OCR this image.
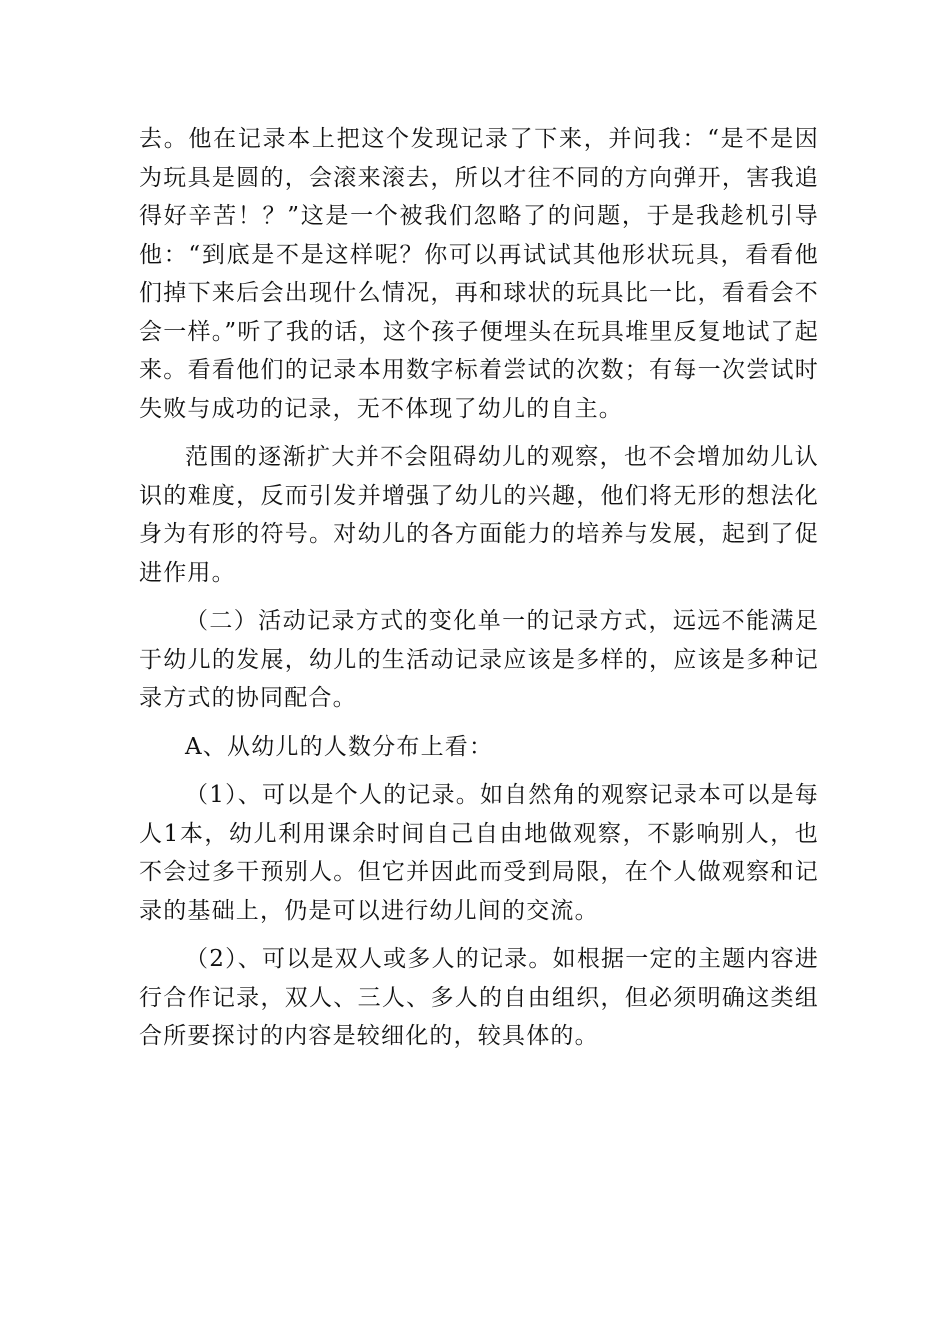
去。他在记录本上把这个发现记录了下来，并问我：“是不是因为玩具是圆的，会滚来滚去，所以才往不同的方向弹开，害我追得好辛苦！？”这是一个被我们忽略了的问题，于是我趁机引导他：“到底是不是这样呢？你可以再试试其他形状玩具，看看他们掉下来后会出现什么情况，再和球状的玩具比一比，看看会不会一样。”听了我的话，这个孩子便埋头在玩具堆里反复地试了起来。看看他们的记录本用数字标着尝试的次数；有每一次尝试时失败与成功的记录，无不体现了幼儿的自主。

范围的逐渐扩大并不会阻碍幼儿的观察，也不会增加幼儿认识的难度，反而引发并增强了幼儿的兴趣，他们将无形的想法化身为有形的符号。对幼儿的各方面能力的培养与发展，起到了促进作用。

（二）活动记录方式的变化单一的记录方式，远远不能满足于幼儿的发展，幼儿的生活动记录应该是多样的，应该是多种记录方式的协同配合。

A、从幼儿的人数分布上看：

（1）、可以是个人的记录。如自然角的观察记录本可以是每人1本，幼儿利用课余时间自己自由地做观察，不影响别人，也不会过多干预别人。但它并因此而受到局限，在个人做观察和记录的基础上，仍是可以进行幼儿间的交流。

（2）、可以是双人或多人的记录。如根据一定的主题内容进行合作记录，双人、三人、多人的自由组织，但必须明确这类组合所要探讨的内容是较细化的，较具体的。
